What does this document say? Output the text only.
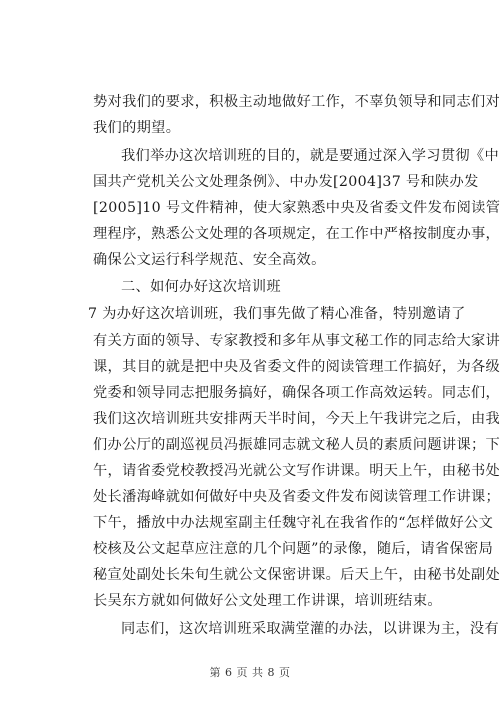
势对我们的要求，积极主动地做好工作，不辜负领导和同志们对
我们的期望。
我们举办这次培训班的目的，就是要通过深入学习贯彻《中
国共产党机关公文处理条例》、中办发[2004]37 号和陕办发
[2005]10 号文件精神，使大家熟悉中央及省委文件发布阅读管
理程序，熟悉公文处理的各项规定，在工作中严格按制度办事，
确保公文运行科学规范、安全高效。
二、如何办好这次培训班
7 为办好这次培训班，我们事先做了精心准备，特别邀请了
有关方面的领导、专家教授和多年从事文秘工作的同志给大家讲
课，其目的就是把中央及省委文件的阅读管理工作搞好，为各级
党委和领导同志把服务搞好，确保各项工作高效运转。同志们，
我们这次培训班共安排两天半时间，今天上午我讲完之后，由我
们办公厅的副巡视员冯振雄同志就文秘人员的素质问题讲课；下
午，请省委党校教授冯光就公文写作讲课。明天上午，由秘书处
处长潘海峰就如何做好中央及省委文件发布阅读管理工作讲课；
下午，播放中办法规室副主任魏守礼在我省作的“怎样做好公文
校核及公文起草应注意的几个问题”的录像，随后，请省保密局
秘宣处副处长朱旬生就公文保密讲课。后天上午，由秘书处副处
长吴东方就如何做好公文处理工作讲课，培训班结束。
同志们，这次培训班采取满堂灌的办法，以讲课为主，没有
第 6 页 共 8 页
